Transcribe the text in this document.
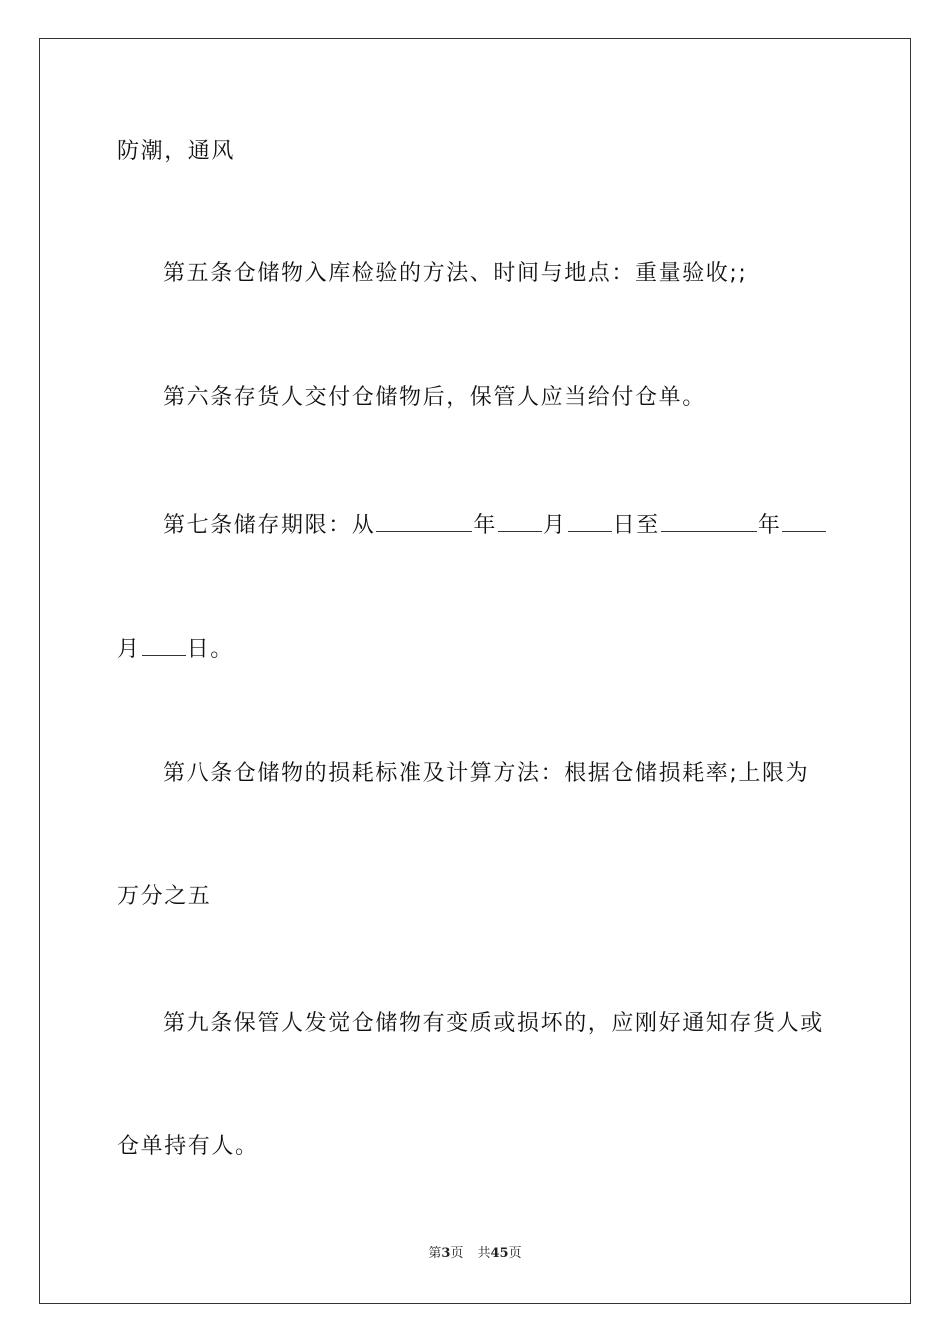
防潮，通风
第五条仓储物入库检验的方法、时间与地点：重量验收;;
第六条存货人交付仓储物后，保管人应当给付仓单。
第七条储存期限：从	年 月 日至	年
月 日。
第八条仓储物的损耗标准及计算方法：根据仓储损耗率;上限为
万分之五
第九条保管人发觉仓储物有变质或损坏的，应刚好通知存货人或
仓单持有人。
第3页 共45页
